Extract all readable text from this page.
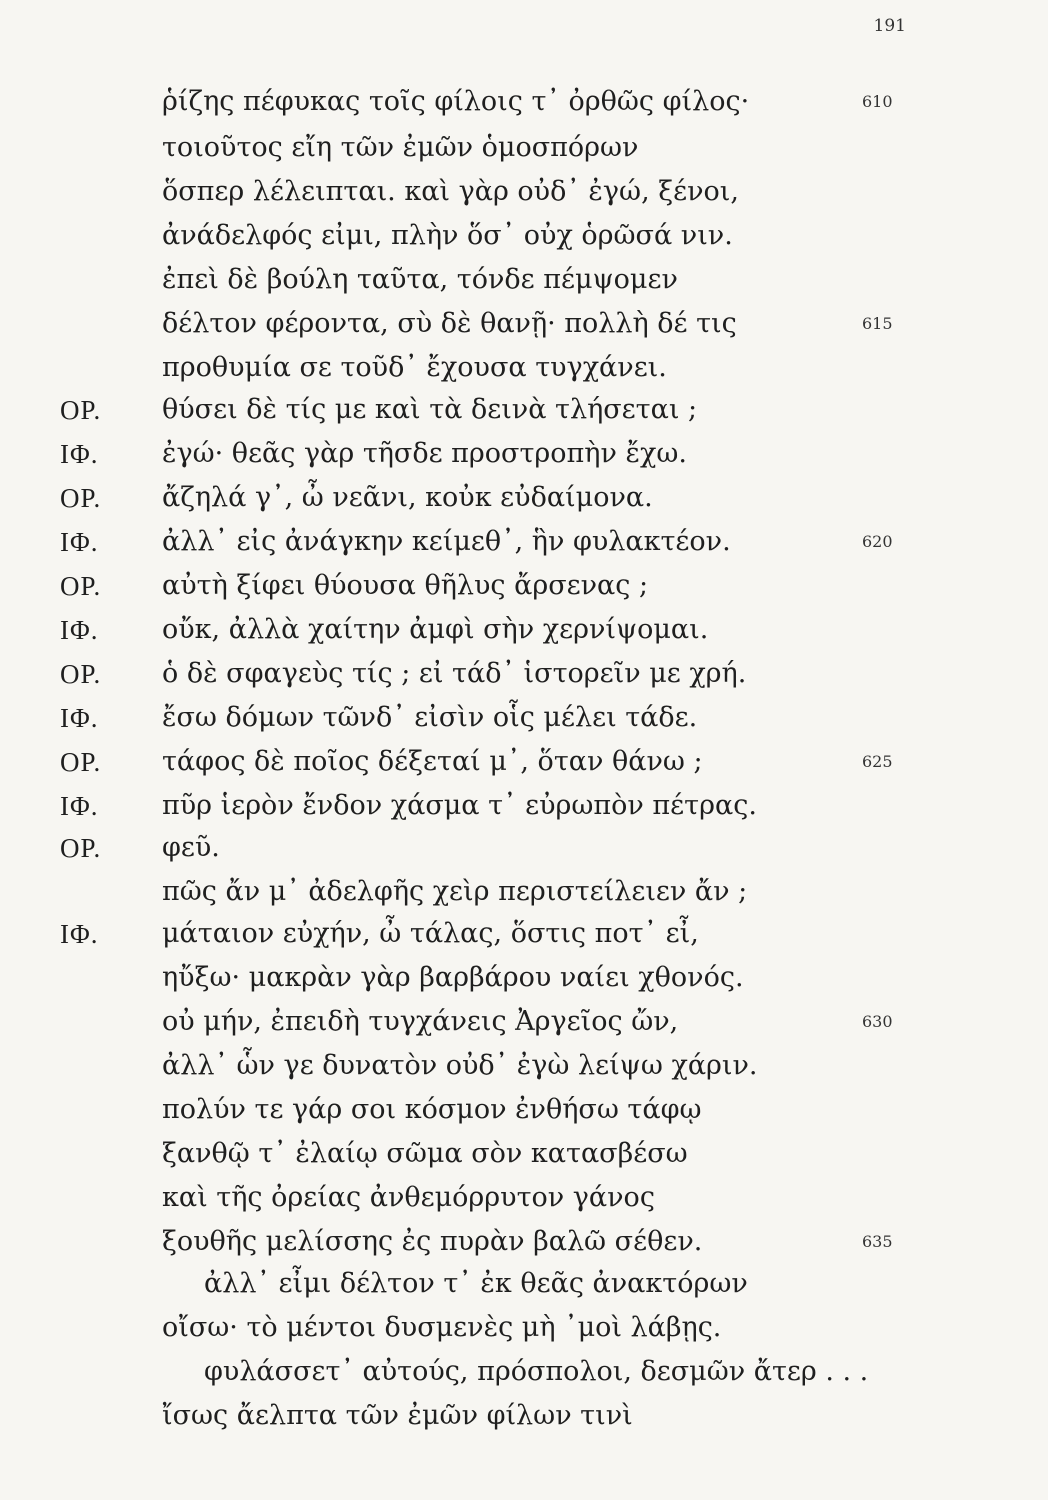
191
ῥίζης πέφυκας τοῖς φίλοις τ᾽ ὀρθῶς φίλος·	610
τοιοῦτος εἴη τῶν ἐμῶν ὁμοσπόρων
ὅσπερ λέλειπται. καὶ γὰρ οὐδ᾽ ἐγώ, ξένοι,
ἀνάδελφός εἰμι, πλὴν ὅσ᾽ οὐχ ὁρῶσά νιν.
ἐπεὶ δὲ βούλη ταῦτα, τόνδε πέμψομεν
δέλτον φέροντα, σὺ δὲ θανῇ· πολλὴ δέ τις	615
προθυμία σε τοῦδ᾽ ἔχουσα τυγχάνει.
ΟΡ.	θύσει δὲ τίς με καὶ τὰ δεινὰ τλήσεται ;
ΙΦ.	ἐγώ· θεᾶς γὰρ τῆσδε προστροπὴν ἔχω.
ΟΡ.	ἄζηλά γ᾽, ὦ νεᾶνι, κοὐκ εὐδαίμονα.
ΙΦ.	ἀλλ᾽ εἰς ἀνάγκην κείμεθ᾽, ἣν φυλακτέον.	620
ΟΡ.	αὐτὴ ξίφει θύουσα θῆλυς ἄρσενας ;
ΙΦ.	οὔκ, ἀλλὰ χαίτην ἀμφὶ σὴν χερνίψομαι.
ΟΡ.	ὁ δὲ σφαγεὺς τίς ; εἰ τάδ᾽ ἱστορεῖν με χρή.
ΙΦ.	ἔσω δόμων τῶνδ᾽ εἰσὶν οἷς μέλει τάδε.
ΟΡ.	τάφος δὲ ποῖος δέξεταί μ᾽, ὅταν θάνω ;	625
ΙΦ.	πῦρ ἱερὸν ἔνδον χάσμα τ᾽ εὐρωπὸν πέτρας.
ΟΡ.	φεῦ.
πῶς ἄν μ᾽ ἀδελφῆς χεὶρ περιστείλειεν ἄν ;
ΙΦ.	μάταιον εὐχήν, ὦ τάλας, ὅστις ποτ᾽ εἶ,
ηὔξω· μακρὰν γὰρ βαρβάρου ναίει χθονός.
οὐ μήν, ἐπειδὴ τυγχάνεις Ἀργεῖος ὤν,	630
ἀλλ᾽ ὧν γε δυνατὸν οὐδ᾽ ἐγὼ λείψω χάριν.
πολύν τε γάρ σοι κόσμον ἐνθήσω τάφῳ
ξανθῷ τ᾽ ἐλαίῳ σῶμα σὸν κατασβέσω
καὶ τῆς ὀρείας ἀνθεμόρρυτον γάνος
ξουθῆς μελίσσης ἐς πυρὰν βαλῶ σέθεν.	635
ἀλλ᾽ εἶμι δέλτον τ᾽ ἐκ θεᾶς ἀνακτόρων
οἴσω· τὸ μέντοι δυσμενὲς μὴ ᾽μοὶ λάβῃς.
φυλάσσετ᾽ αὐτούς, πρόσπολοι, δεσμῶν ἄτερ . . .
ἴσως ἄελπτα τῶν ἐμῶν φίλων τινὶ
